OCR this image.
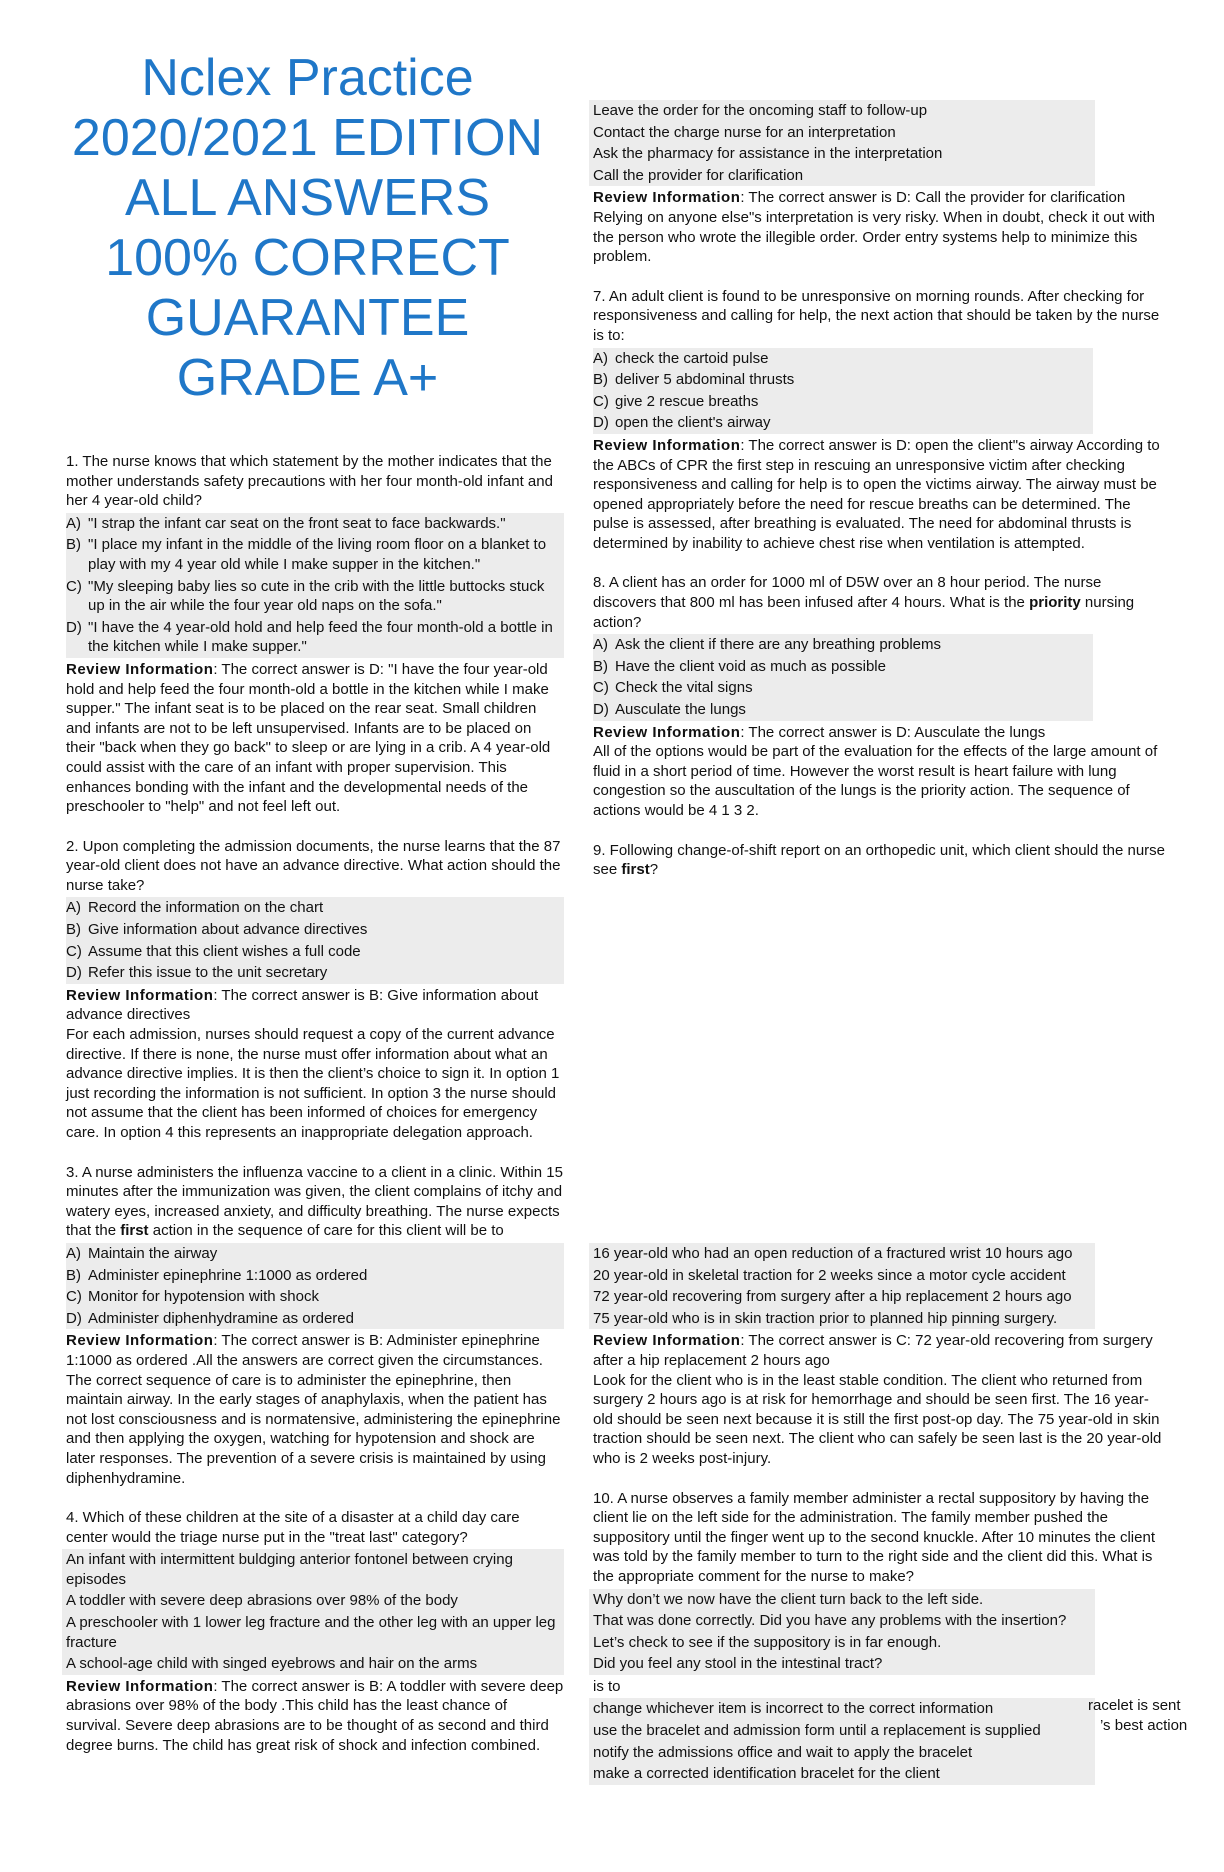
Nclex Practice
2020/2021 EDITION
ALL ANSWERS
100% CORRECT
GUARANTEE
GRADE A+

1. The nurse knows that which statement by the mother indicates that the mother understands safety precautions with her four month-old infant and her 4 year-old child?

A) "I strap the infant car seat on the front seat to face backwards."
B) "I place my infant in the middle of the living room floor on a blanket to play with my 4 year old while I make supper in the kitchen."
C) "My sleeping baby lies so cute in the crib with the little buttocks stuck up in the air while the four year old naps on the sofa."
D) "I have the 4 year-old hold and help feed the four month-old a bottle in the kitchen while I make supper."

Review Information: The correct answer is D: "I have the four year-old hold and help feed the four month-old a bottle in the kitchen while I make supper." The infant seat is to be placed on the rear seat. Small children and infants are not to be left unsupervised. Infants are to be placed on their "back when they go back" to sleep or are lying in a crib. A 4 year-old could assist with the care of an infant with proper supervision. This enhances bonding with the infant and the developmental needs of the preschooler to "help" and not feel left out.

2. Upon completing the admission documents, the nurse learns that the 87 year-old client does not have an advance directive. What action should the nurse take?

A) Record the information on the chart
B) Give information about advance directives
C) Assume that this client wishes a full code
D) Refer this issue to the unit secretary

Review Information: The correct answer is B: Give information about advance directives

For each admission, nurses should request a copy of the current advance directive. If there is none, the nurse must offer information about what an advance directive implies. It is then the client’s choice to sign it. In option 1 just recording the information is not sufficient. In option 3 the nurse should not assume that the client has been informed of choices for emergency care. In option 4 this represents an inappropriate delegation approach.

3. A nurse administers the influenza vaccine to a client in a clinic. Within 15 minutes after the immunization was given, the client complains of itchy and watery eyes, increased anxiety, and difficulty breathing. The nurse expects that the first action in the sequence of care for this client will be to

A) Maintain the airway
B) Administer epinephrine 1:1000 as ordered
C) Monitor for hypotension with shock
D) Administer diphenhydramine as ordered

Review Information: The correct answer is B: Administer epinephrine 1:1000 as ordered .All the answers are correct given the circumstances. The correct sequence of care is to administer the epinephrine, then maintain airway. In the early stages of anaphylaxis, when the patient has not lost consciousness and is normatensive, administering the epinephrine and then applying the oxygen, watching for hypotension and shock are later responses. The prevention of a severe crisis is maintained by using diphenhydramine.

4. Which of these children at the site of a disaster at a child day care center would the triage nurse put in the "treat last" category?

An infant with intermittent buldging anterior fontonel between crying episodes
A toddler with severe deep abrasions over 98% of the body
A preschooler with 1 lower leg fracture and the other leg with an upper leg fracture
A school-age child with singed eyebrows and hair on the arms

Review Information: The correct answer is B: A toddler with severe deep abrasions over 98% of the body .This child has the least chance of survival. Severe deep abrasions are to be thought of as second and third degree burns. The child has great risk of shock and infection combined.

Leave the order for the oncoming staff to follow-up
Contact the charge nurse for an interpretation
Ask the pharmacy for assistance in the interpretation
Call the provider for clarification

Review Information: The correct answer is D: Call the provider for clarification Relying on anyone else"s interpretation is very risky. When in doubt, check it out with the person who wrote the illegible order. Order entry systems help to minimize this problem.

7. An adult client is found to be unresponsive on morning rounds. After checking for responsiveness and calling for help, the next action that should be taken by the nurse is to:

A) check the cartoid pulse
B) deliver 5 abdominal thrusts
C) give 2 rescue breaths
D) open the client's airway

Review Information: The correct answer is D: open the client"s airway According to the ABCs of CPR the first step in rescuing an unresponsive victim after checking responsiveness and calling for help is to open the victims airway. The airway must be opened appropriately before the need for rescue breaths can be determined. The pulse is assessed, after breathing is evaluated. The need for abdominal thrusts is determined by inability to achieve chest rise when ventilation is attempted.

8. A client has an order for 1000 ml of D5W over an 8 hour period. The nurse discovers that 800 ml has been infused after 4 hours. What is the priority nursing action?

A) Ask the client if there are any breathing problems
B) Have the client void as much as possible
C) Check the vital signs
D) Ausculate the lungs

Review Information: The correct answer is D: Ausculate the lungs

All of the options would be part of the evaluation for the effects of the large amount of fluid in a short period of time. However the worst result is heart failure with lung congestion so the auscultation of the lungs is the priority action. The sequence of actions would be 4 1 3 2.

9. Following change-of-shift report on an orthopedic unit, which client should the nurse see first?

16 year-old who had an open reduction of a fractured wrist 10 hours ago
20 year-old in skeletal traction for 2 weeks since a motor cycle accident
72 year-old recovering from surgery after a hip replacement 2 hours ago
75 year-old who is in skin traction prior to planned hip pinning surgery.

Review Information: The correct answer is C: 72 year-old recovering from surgery after a hip replacement 2 hours ago

Look for the client who is in the least stable condition. The client who returned from surgery 2 hours ago is at risk for hemorrhage and should be seen first. The 16 year-old should be seen next because it is still the first post-op day. The 75 year-old in skin traction should be seen next. The client who can safely be seen last is the 20 year-old who is 2 weeks post-injury.

10. A nurse observes a family member administer a rectal suppository by having the client lie on the left side for the administration. The family member pushed the suppository until the finger went up to the second knuckle. After 10 minutes the client was told by the family member to turn to the right side and the client did this. What is the appropriate comment for the nurse to make?

Why don’t we now have the client turn back to the left side.
That was done correctly. Did you have any problems with the insertion?
Let’s check to see if the suppository is in far enough.
Did you feel any stool in the intestinal tract?
is to
change whichever item is incorrect to the correct information
use the bracelet and admission form until a replacement is supplied
notify the admissions office and wait to apply the bracelet
make a corrected identification bracelet for the client
racelet is sent
’s best action
